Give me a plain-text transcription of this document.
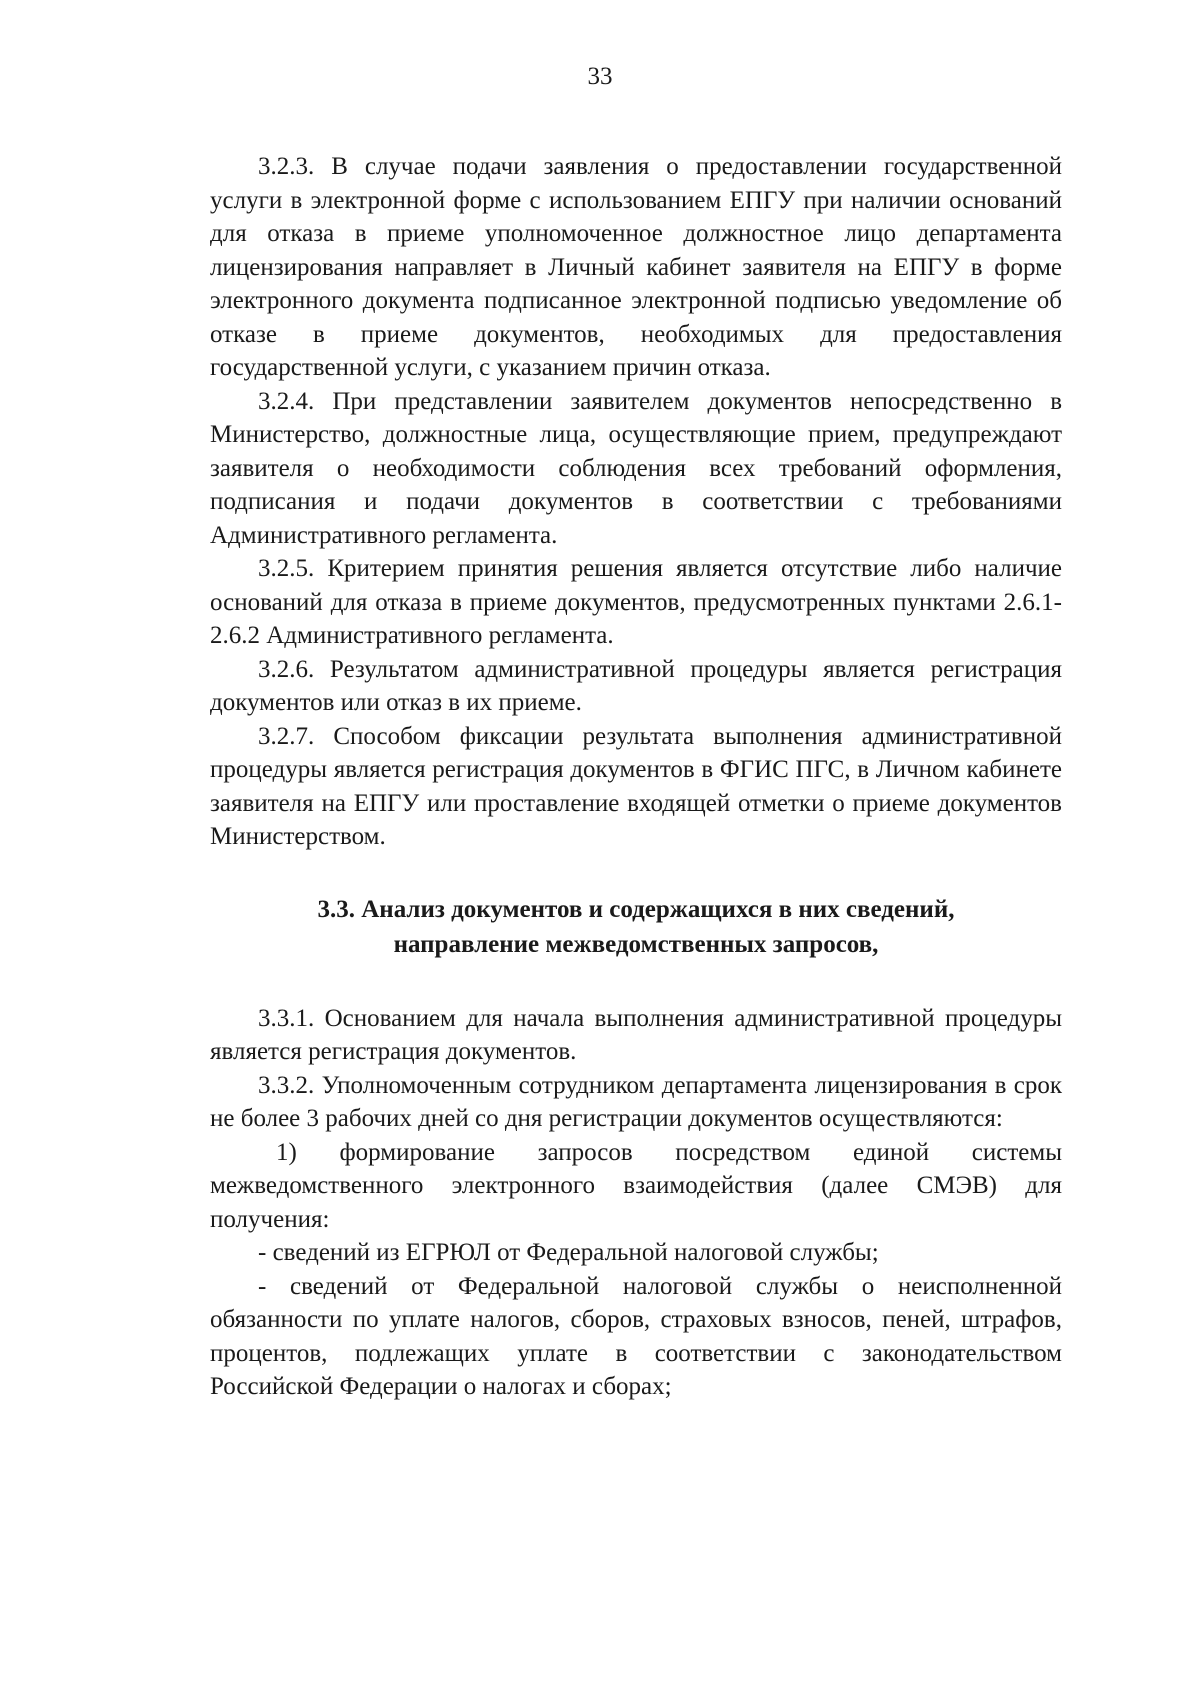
33

3.2.3. В случае подачи заявления о предоставлении государственной услуги в электронной форме с использованием ЕПГУ при наличии оснований для отказа в приеме уполномоченное должностное лицо департамента лицензирования направляет в Личный кабинет заявителя на ЕПГУ в форме электронного документа подписанное электронной подписью уведомление об отказе в приеме документов, необходимых для предоставления государственной услуги, с указанием причин отказа.

3.2.4. При представлении заявителем документов непосредственно в Министерство, должностные лица, осуществляющие прием, предупреждают заявителя о необходимости соблюдения всех требований оформления, подписания и подачи документов в соответствии с требованиями Административного регламента.

3.2.5. Критерием принятия решения является отсутствие либо наличие оснований для отказа в приеме документов, предусмотренных пунктами 2.6.1-2.6.2 Административного регламента.

3.2.6. Результатом административной процедуры является регистрация документов или отказ в их приеме.

3.2.7. Способом фиксации результата выполнения административной процедуры является регистрация документов в ФГИС ПГС, в Личном кабинете заявителя на ЕПГУ или проставление входящей отметки о приеме документов Министерством.

3.3. Анализ документов и содержащихся в них сведений,
направление межведомственных запросов,

3.3.1. Основанием для начала выполнения административной процедуры является регистрация документов.

3.3.2. Уполномоченным сотрудником департамента лицензирования в срок не более 3 рабочих дней со дня регистрации документов осуществляются:

1) формирование запросов посредством единой системы межведомственного электронного взаимодействия (далее СМЭВ) для получения:

- сведений из ЕГРЮЛ от Федеральной налоговой службы;

- сведений от Федеральной налоговой службы о неисполненной обязанности по уплате налогов, сборов, страховых взносов, пеней, штрафов, процентов, подлежащих уплате в соответствии с законодательством Российской Федерации о налогах и сборах;
